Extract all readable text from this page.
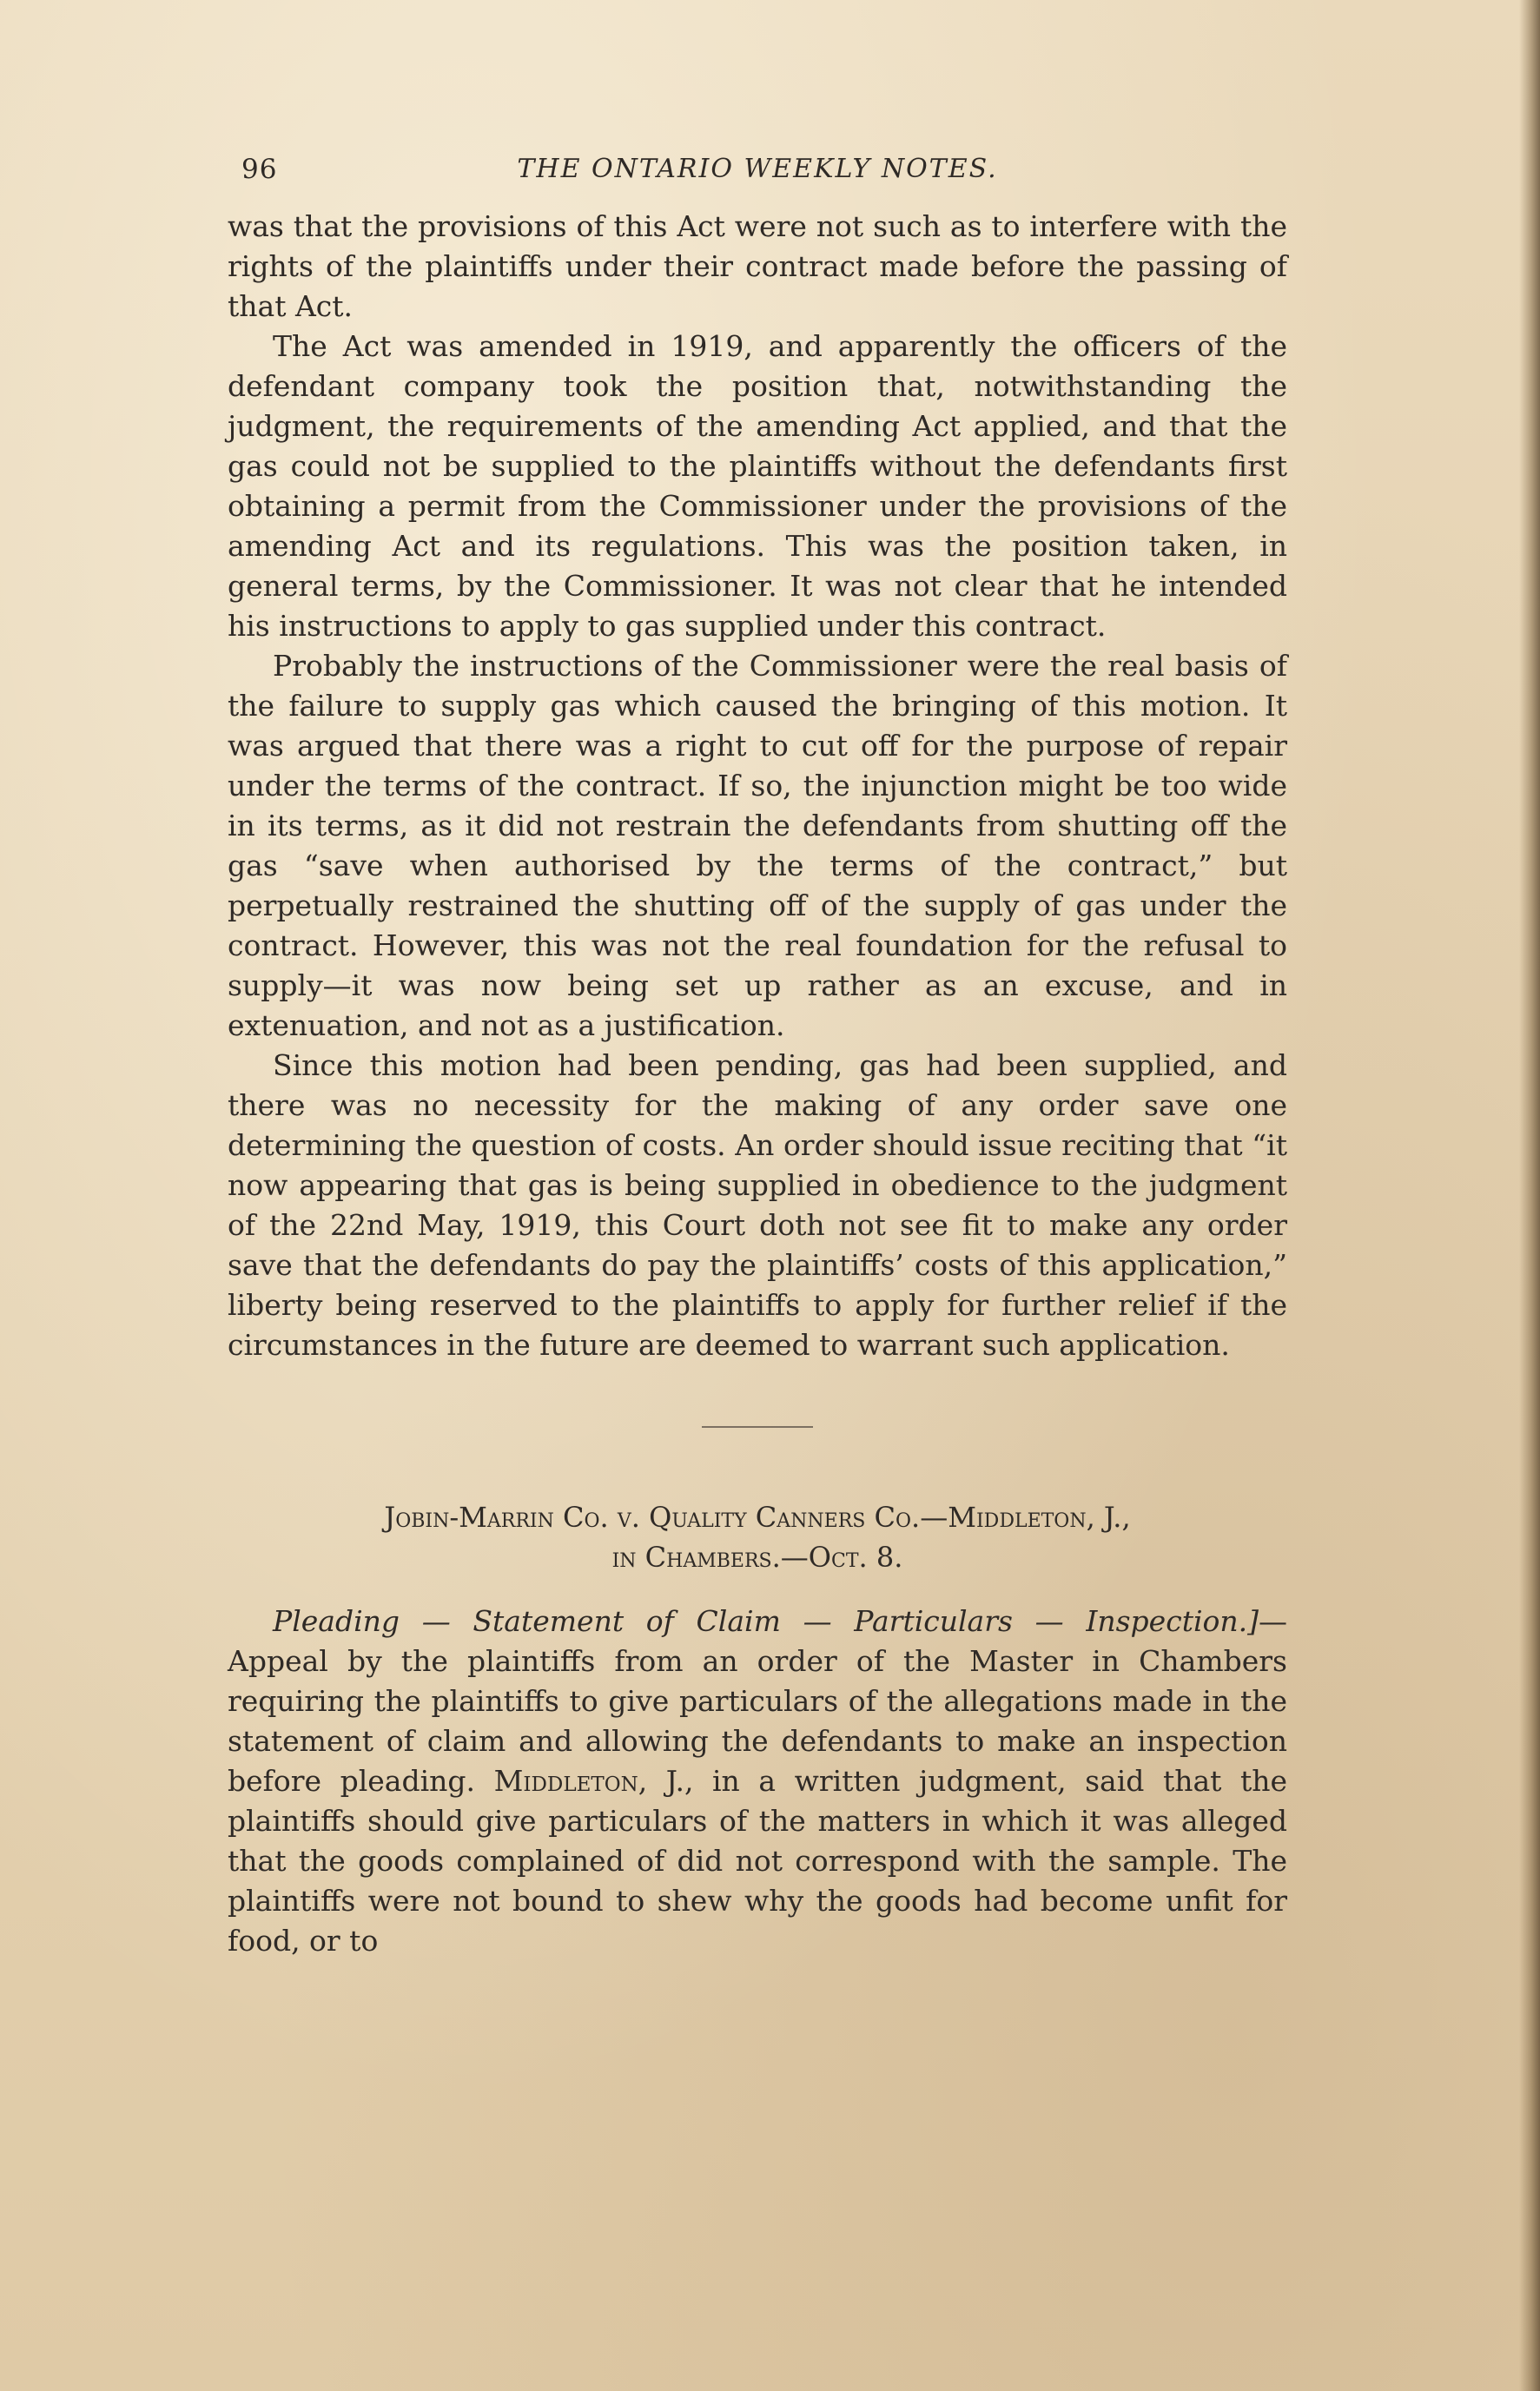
96	THE ONTARIO WEEKLY NOTES.

was that the provisions of this Act were not such as to interfere with the rights of the plaintiffs under their contract made before the passing of that Act.

The Act was amended in 1919, and apparently the officers of the defendant company took the position that, notwithstanding the judgment, the requirements of the amending Act applied, and that the gas could not be supplied to the plaintiffs without the defendants first obtaining a permit from the Commissioner under the provisions of the amending Act and its regulations. This was the position taken, in general terms, by the Commissioner. It was not clear that he intended his instructions to apply to gas supplied under this contract.

Probably the instructions of the Commissioner were the real basis of the failure to supply gas which caused the bringing of this motion. It was argued that there was a right to cut off for the purpose of repair under the terms of the contract. If so, the injunction might be too wide in its terms, as it did not restrain the defendants from shutting off the gas “save when authorised by the terms of the contract,” but perpetually restrained the shutting off of the supply of gas under the contract. However, this was not the real foundation for the refusal to supply—it was now being set up rather as an excuse, and in extenuation, and not as a justification.

Since this motion had been pending, gas had been supplied, and there was no necessity for the making of any order save one determining the question of costs. An order should issue reciting that “it now appearing that gas is being supplied in obedience to the judgment of the 22nd May, 1919, this Court doth not see fit to make any order save that the defendants do pay the plaintiffs’ costs of this application,” liberty being reserved to the plaintiffs to apply for further relief if the circumstances in the future are deemed to warrant such application.

Jobin-Marrin Co. v. Quality Canners Co.—Middleton, J.,
in Chambers.—Oct. 8.

Pleading — Statement of Claim — Particulars — Inspection.]— Appeal by the plaintiffs from an order of the Master in Chambers requiring the plaintiffs to give particulars of the allegations made in the statement of claim and allowing the defendants to make an inspection before pleading. Middleton, J., in a written judgment, said that the plaintiffs should give particulars of the matters in which it was alleged that the goods complained of did not correspond with the sample. The plaintiffs were not bound to shew why the goods had become unfit for food, or to
